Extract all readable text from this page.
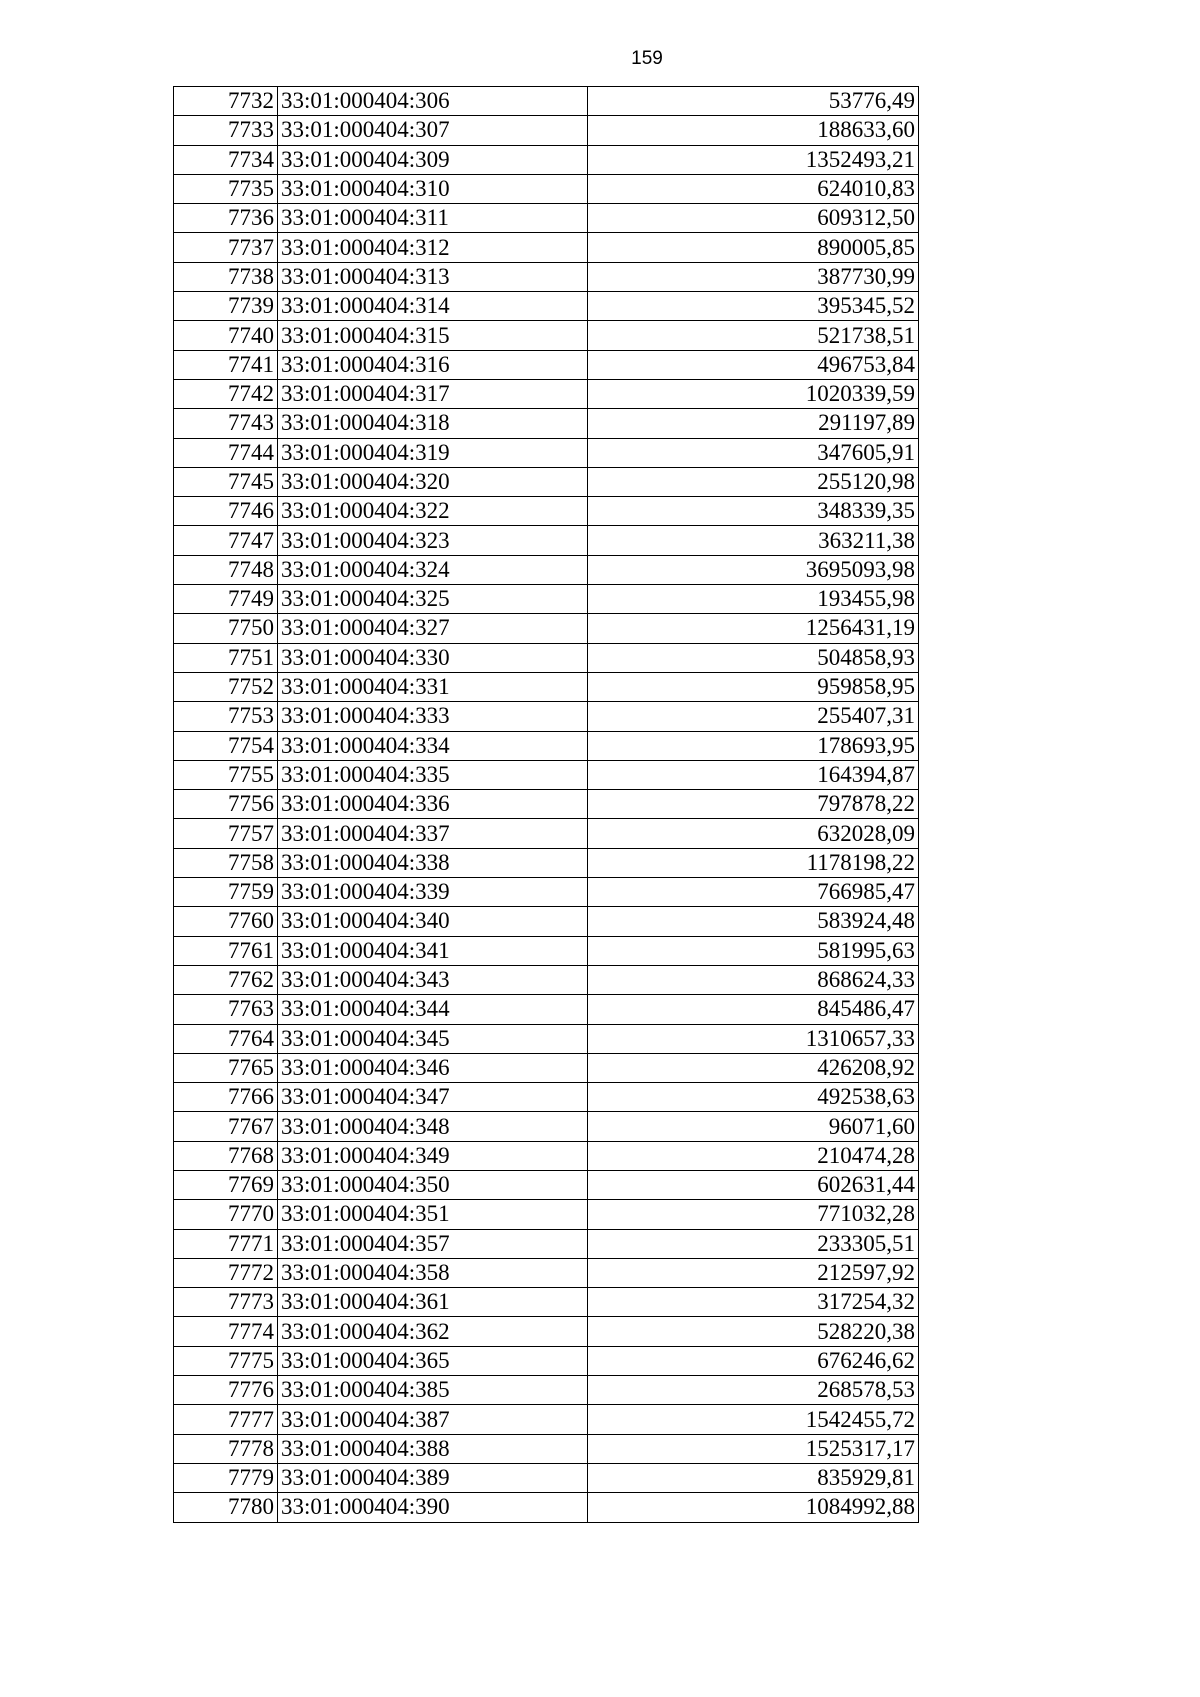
159
7732	33:01:000404:306	53776,49
7733	33:01:000404:307	188633,60
7734	33:01:000404:309	1352493,21
7735	33:01:000404:310	624010,83
7736	33:01:000404:311	609312,50
7737	33:01:000404:312	890005,85
7738	33:01:000404:313	387730,99
7739	33:01:000404:314	395345,52
7740	33:01:000404:315	521738,51
7741	33:01:000404:316	496753,84
7742	33:01:000404:317	1020339,59
7743	33:01:000404:318	291197,89
7744	33:01:000404:319	347605,91
7745	33:01:000404:320	255120,98
7746	33:01:000404:322	348339,35
7747	33:01:000404:323	363211,38
7748	33:01:000404:324	3695093,98
7749	33:01:000404:325	193455,98
7750	33:01:000404:327	1256431,19
7751	33:01:000404:330	504858,93
7752	33:01:000404:331	959858,95
7753	33:01:000404:333	255407,31
7754	33:01:000404:334	178693,95
7755	33:01:000404:335	164394,87
7756	33:01:000404:336	797878,22
7757	33:01:000404:337	632028,09
7758	33:01:000404:338	1178198,22
7759	33:01:000404:339	766985,47
7760	33:01:000404:340	583924,48
7761	33:01:000404:341	581995,63
7762	33:01:000404:343	868624,33
7763	33:01:000404:344	845486,47
7764	33:01:000404:345	1310657,33
7765	33:01:000404:346	426208,92
7766	33:01:000404:347	492538,63
7767	33:01:000404:348	96071,60
7768	33:01:000404:349	210474,28
7769	33:01:000404:350	602631,44
7770	33:01:000404:351	771032,28
7771	33:01:000404:357	233305,51
7772	33:01:000404:358	212597,92
7773	33:01:000404:361	317254,32
7774	33:01:000404:362	528220,38
7775	33:01:000404:365	676246,62
7776	33:01:000404:385	268578,53
7777	33:01:000404:387	1542455,72
7778	33:01:000404:388	1525317,17
7779	33:01:000404:389	835929,81
7780	33:01:000404:390	1084992,88
